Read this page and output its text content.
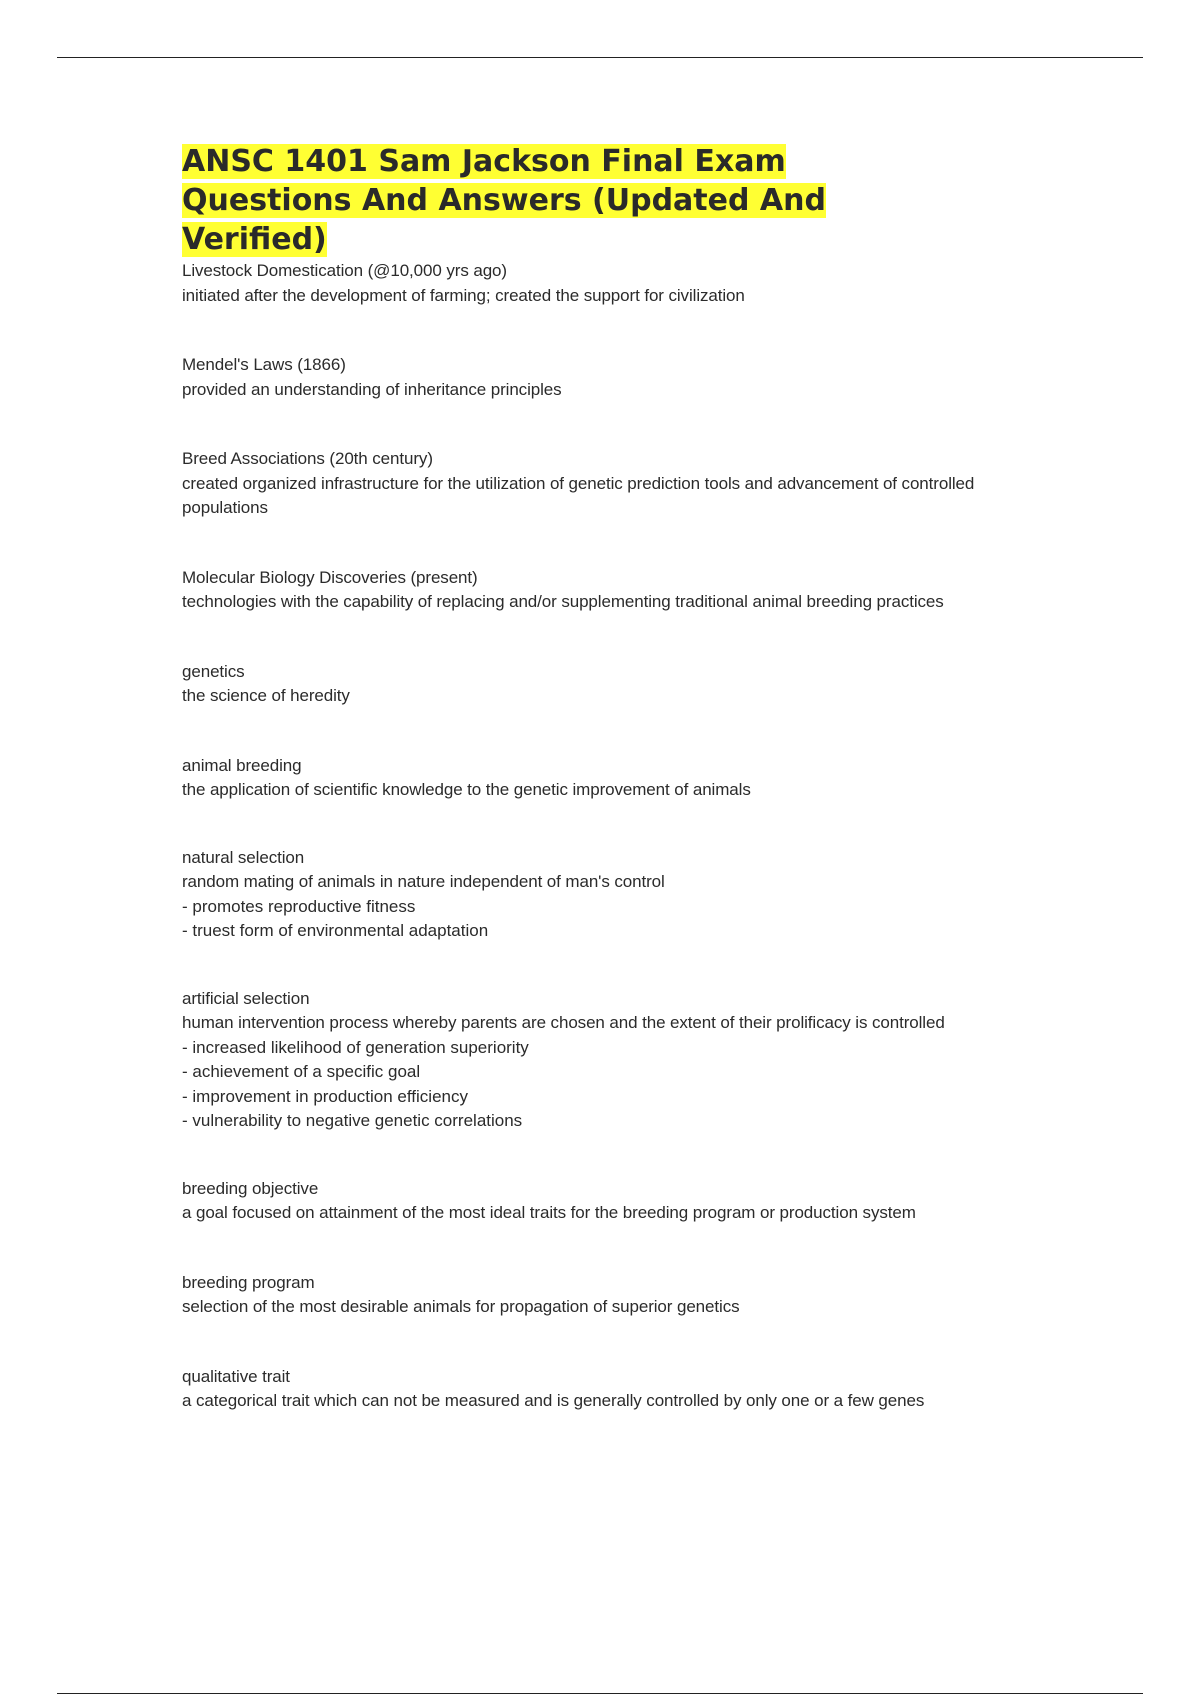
ANSC 1401 Sam Jackson Final Exam Questions And Answers (Updated And Verified)
Livestock Domestication (@10,000 yrs ago)
initiated after the development of farming; created the support for civilization
Mendel's Laws (1866)
provided an understanding of inheritance principles
Breed Associations (20th century)
created organized infrastructure for the utilization of genetic prediction tools and advancement of controlled populations
Molecular Biology Discoveries (present)
technologies with the capability of replacing and/or supplementing traditional animal breeding practices
genetics
the science of heredity
animal breeding
the application of scientific knowledge to the genetic improvement of animals
natural selection
random mating of animals in nature independent of man's control
- promotes reproductive fitness
- truest form of environmental adaptation
artificial selection
human intervention process whereby parents are chosen and the extent of their prolificacy is controlled
- increased likelihood of generation superiority
- achievement of a specific goal
- improvement in production efficiency
- vulnerability to negative genetic correlations
breeding objective
a goal focused on attainment of the most ideal traits for the breeding program or production system
breeding program
selection of the most desirable animals for propagation of superior genetics
qualitative trait
a categorical trait which can not be measured and is generally controlled by only one or a few genes
